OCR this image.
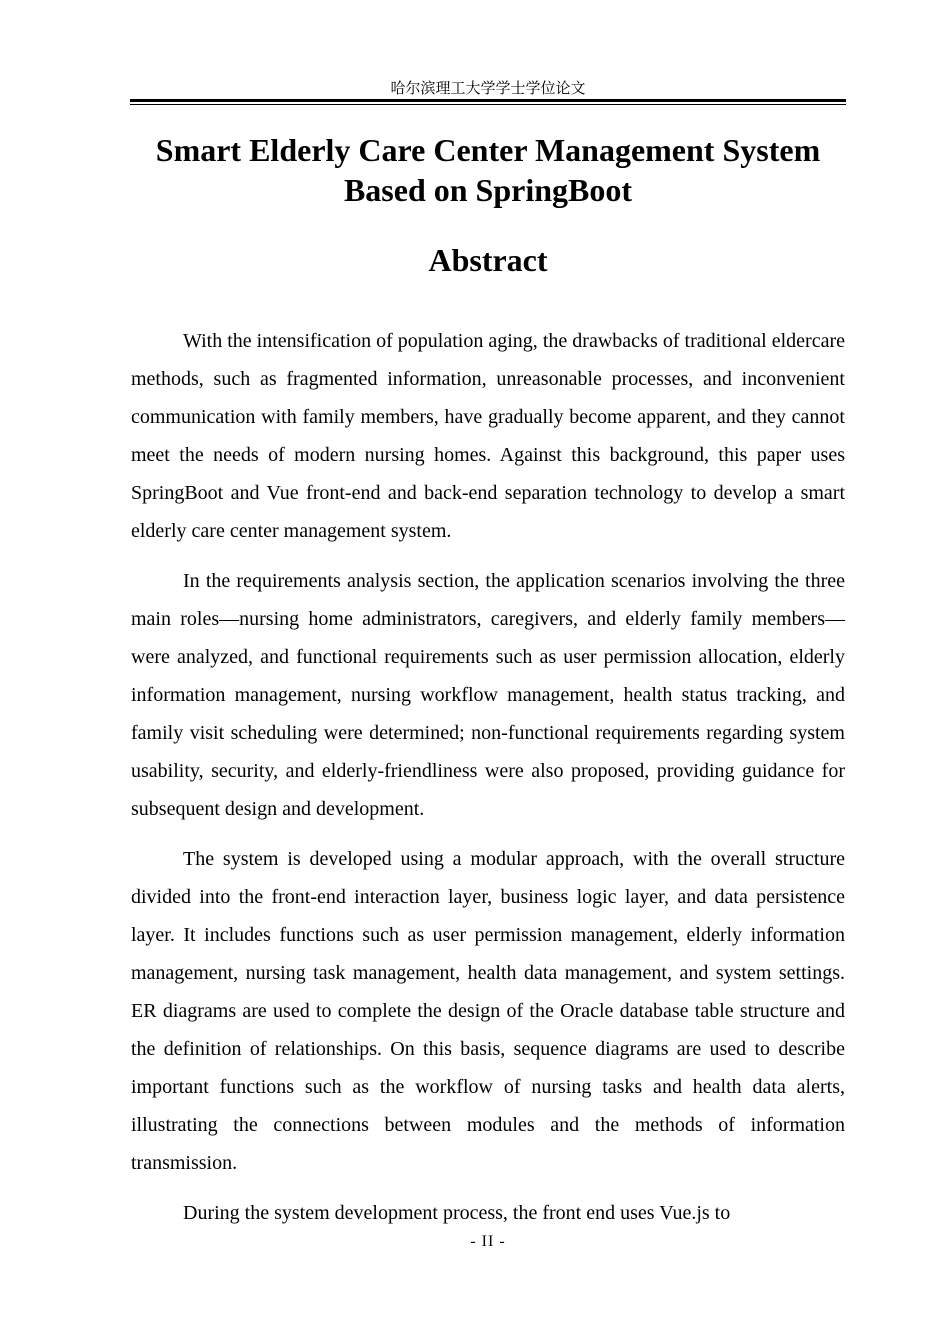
哈尔滨理工大学学士学位论文
Smart Elderly Care Center Management System
Based on SpringBoot
Abstract

With the intensification of population aging, the drawbacks of traditional eldercare methods, such as fragmented information, unreasonable processes, and inconvenient communication with family members, have gradually become apparent, and they cannot meet the needs of modern nursing homes. Against this background, this paper uses SpringBoot and Vue front-end and back-end separation technology to develop a smart elderly care center management system.

In the requirements analysis section, the application scenarios involving the three main roles—nursing home administrators, caregivers, and elderly family members—were analyzed, and functional requirements such as user permission allocation, elderly information management, nursing workflow management, health status tracking, and family visit scheduling were determined; non-functional requirements regarding system usability, security, and elderly-friendliness were also proposed, providing guidance for subsequent design and development.

The system is developed using a modular approach, with the overall structure divided into the front-end interaction layer, business logic layer, and data persistence layer. It includes functions such as user permission management, elderly information management, nursing task management, health data management, and system settings. ER diagrams are used to complete the design of the Oracle database table structure and the definition of relationships. On this basis, sequence diagrams are used to describe important functions such as the workflow of nursing tasks and health data alerts, illustrating the connections between modules and the methods of information transmission.

During the system development process, the front end uses Vue.js to

- II -
